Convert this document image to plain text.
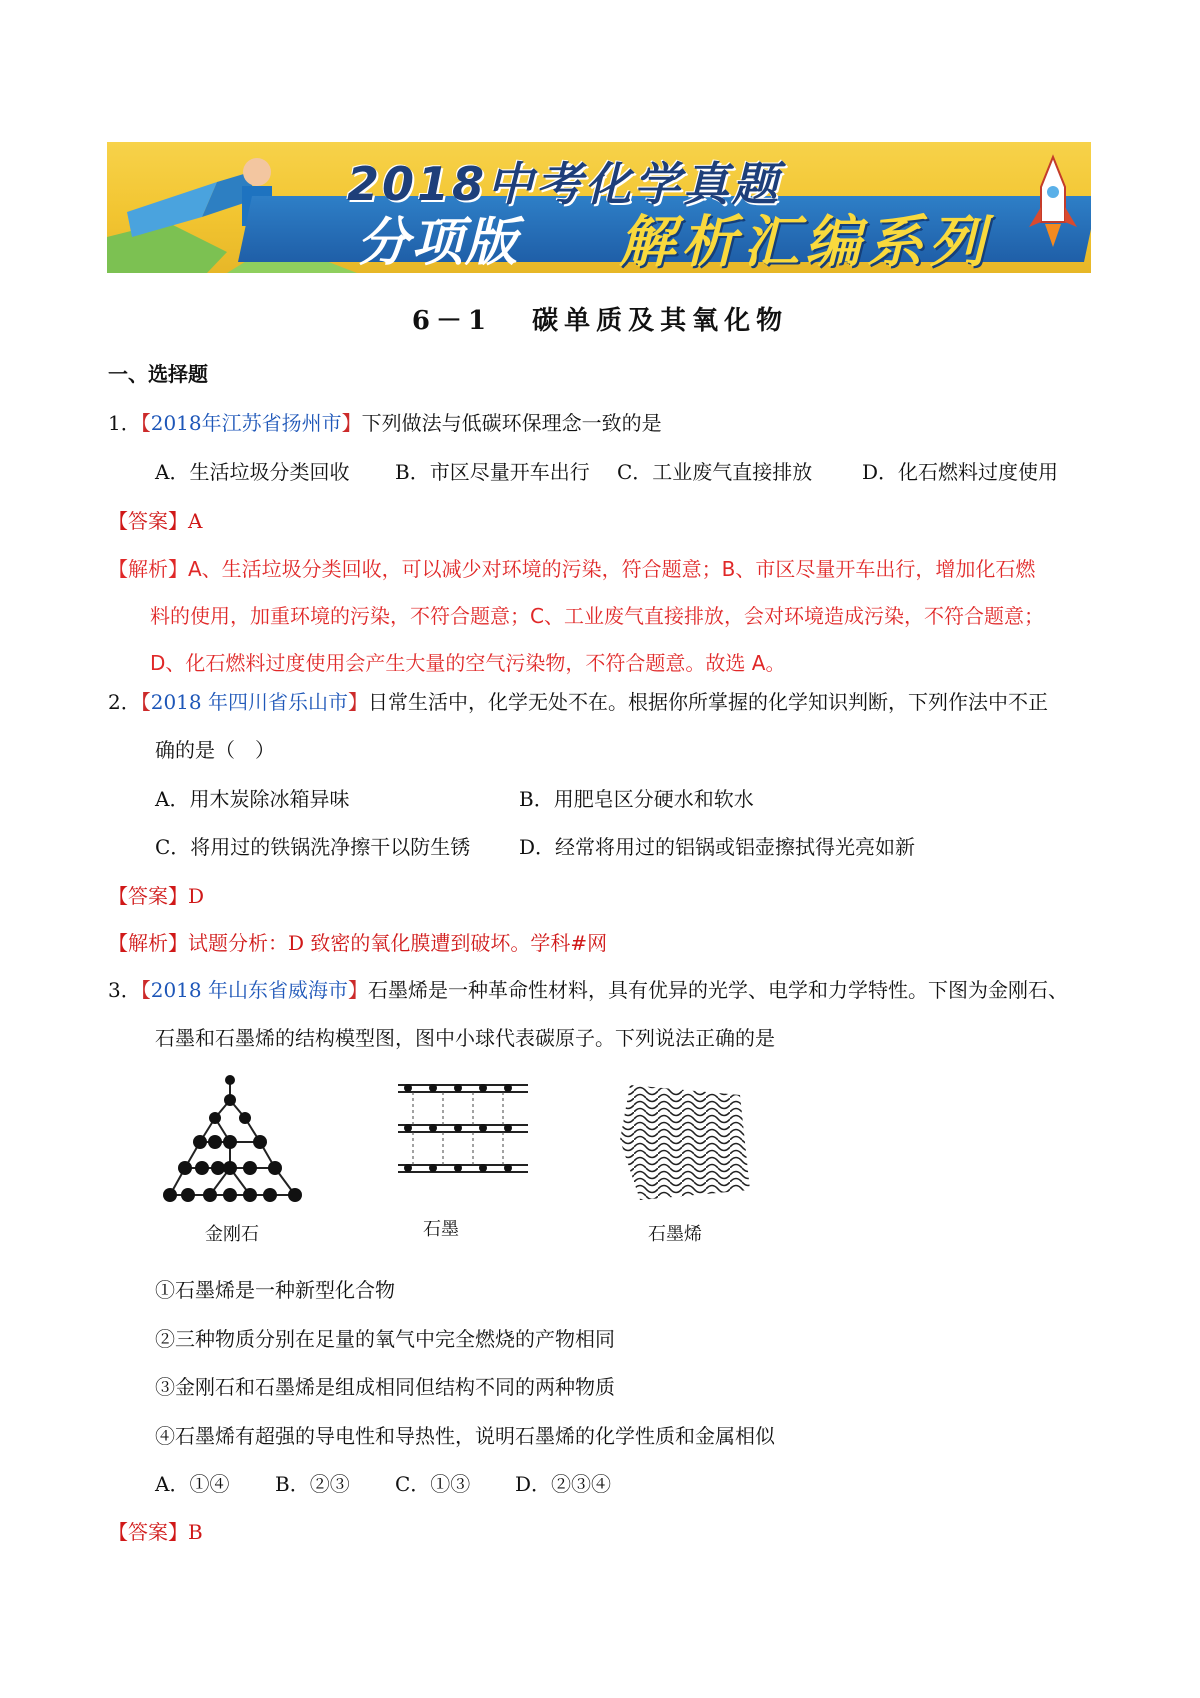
2018中考化学真题
分项版 解析汇编系列
6－1 碳单质及其氧化物
一、选择题
1．【2018年江苏省扬州市】下列做法与低碳环保理念一致的是
A．生活垃圾分类回收 B．市区尽量开车出行 C．工业废气直接排放 D．化石燃料过度使用
【答案】A
【解析】A、生活垃圾分类回收，可以减少对环境的污染，符合题意；B、市区尽量开车出行，增加化石燃
料的使用，加重环境的污染，不符合题意；C、工业废气直接排放，会对环境造成污染，不符合题意；
D、化石燃料过度使用会产生大量的空气污染物，不符合题意。故选 A。
2．【2018 年四川省乐山市】日常生活中，化学无处不在。根据你所掌握的化学知识判断，下列作法中不正
确的是（　）
A．用木炭除冰箱异味	B．用肥皂区分硬水和软水
C．将用过的铁锅洗净擦干以防生锈 D．经常将用过的铝锅或铝壶擦拭得光亮如新
【答案】D
【解析】试题分析：D 致密的氧化膜遭到破坏。学科#网
3．【2018 年山东省威海市】石墨烯是一种革命性材料，具有优异的光学、电学和力学特性。下图为金刚石、
石墨和石墨烯的结构模型图，图中小球代表碳原子。下列说法正确的是
金刚石	石墨	石墨烯
①石墨烯是一种新型化合物
②三种物质分别在足量的氧气中完全燃烧的产物相同
③金刚石和石墨烯是组成相同但结构不同的两种物质
④石墨烯有超强的导电性和导热性，说明石墨烯的化学性质和金属相似
A．①④ B．②③ C．①③ D．②③④
【答案】B
